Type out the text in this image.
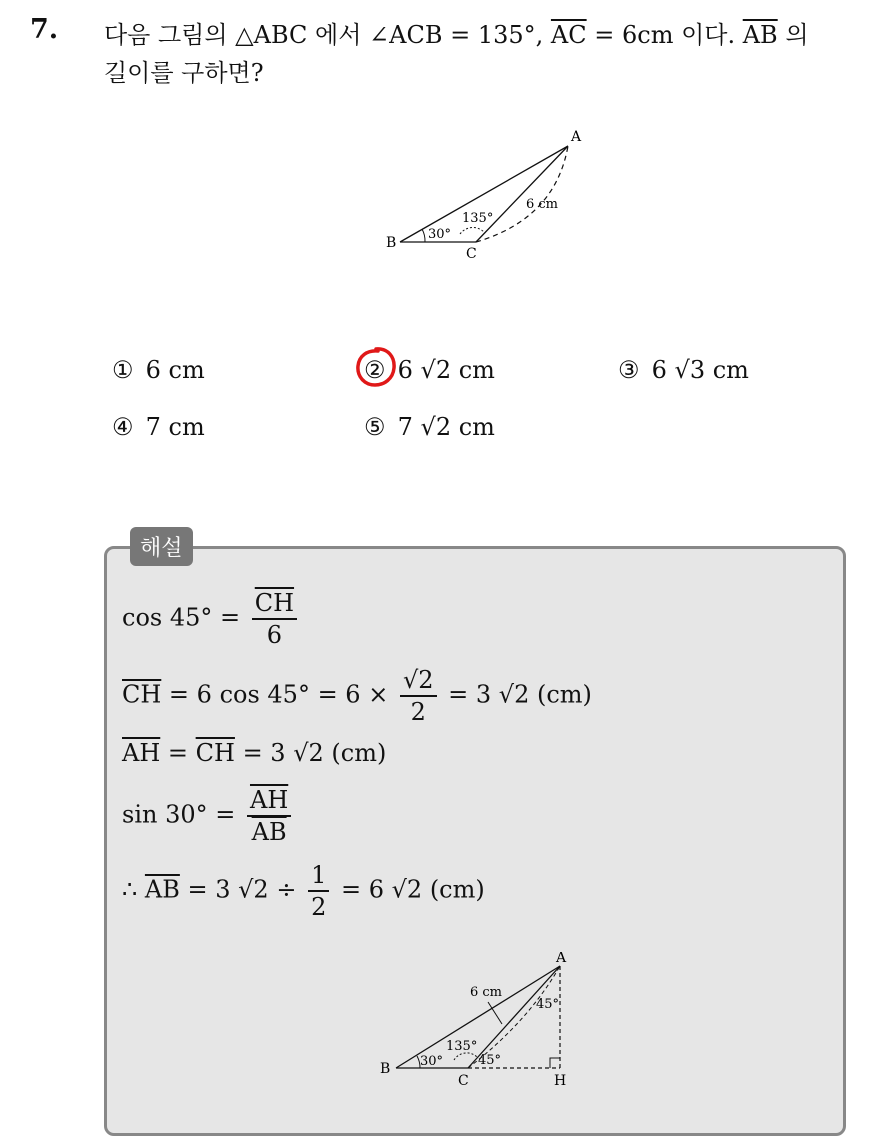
7. 다음 그림의 △ABC 에서 ∠ACB = 135°, $\overline{AC} = 6cm$ 이다. $\overline{AB}$ 의
길이를 구하면?
A
B
C
30°
135°
6 cm
① 6 cm	② 6 √2 cm	③ 6 √3 cm
④ 7 cm	⑤ 7 √2 cm
해설
$\cos 45^\circ = \frac{\overline{CH}}{6}$
$\overline{CH} = 6$ $\cos 45^\circ = 6 \times \frac{√2}{2} = 3$ √2 (cm)
$\overline{AH} = \overline{CH} = 3$ √2 (cm)
$\sin 30^\circ = \frac{\overline{AH}}{AB}$
∴ $\overline{AB} = 3$ $√2 \div \frac{1}{2} = 6$ √2 (cm)
A
B
C	H
30°
135°
45°
45°
6 cm
